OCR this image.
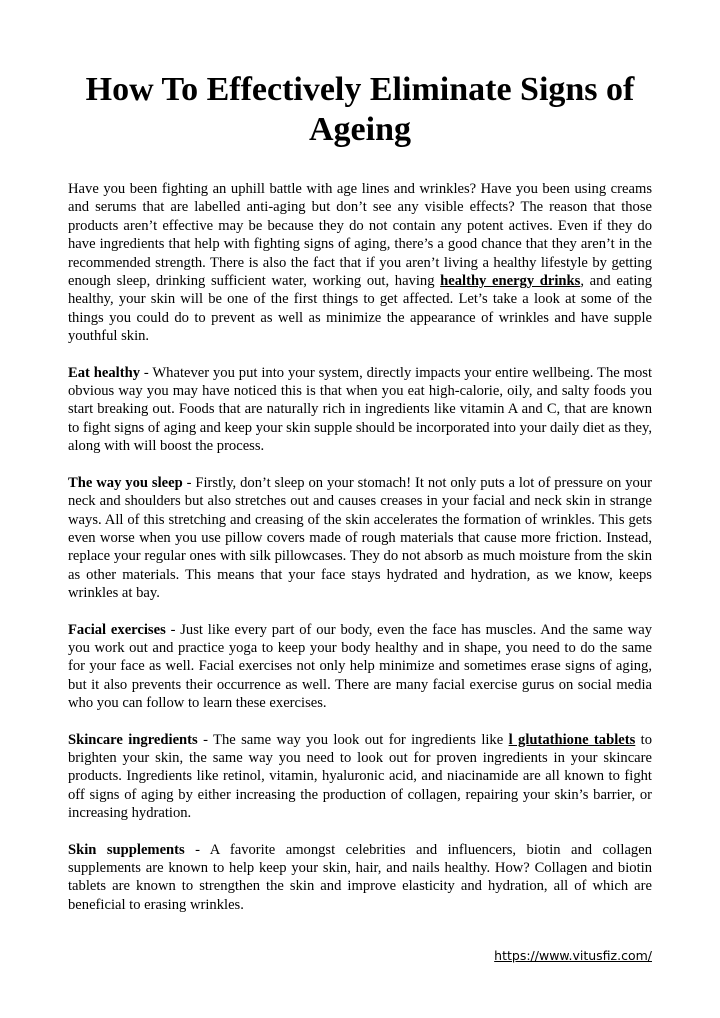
How To Effectively Eliminate Signs of Ageing

Have you been fighting an uphill battle with age lines and wrinkles? Have you been using creams and serums that are labelled anti-aging but don’t see any visible effects? The reason that those products aren’t effective may be because they do not contain any potent actives. Even if they do have ingredients that help with fighting signs of aging, there’s a good chance that they aren’t in the recommended strength. There is also the fact that if you aren’t living a healthy lifestyle by getting enough sleep, drinking sufficient water, working out, having healthy energy drinks, and eating healthy, your skin will be one of the first things to get affected. Let’s take a look at some of the things you could do to prevent as well as minimize the appearance of wrinkles and have supple youthful skin.

Eat healthy - Whatever you put into your system, directly impacts your entire wellbeing. The most obvious way you may have noticed this is that when you eat high-calorie, oily, and salty foods you start breaking out. Foods that are naturally rich in ingredients like vitamin A and C, that are known to fight signs of aging and keep your skin supple should be incorporated into your daily diet as they, along with will boost the process.

The way you sleep - Firstly, don’t sleep on your stomach! It not only puts a lot of pressure on your neck and shoulders but also stretches out and causes creases in your facial and neck skin in strange ways. All of this stretching and creasing of the skin accelerates the formation of wrinkles. This gets even worse when you use pillow covers made of rough materials that cause more friction. Instead, replace your regular ones with silk pillowcases. They do not absorb as much moisture from the skin as other materials. This means that your face stays hydrated and hydration, as we know, keeps wrinkles at bay.

Facial exercises - Just like every part of our body, even the face has muscles. And the same way you work out and practice yoga to keep your body healthy and in shape, you need to do the same for your face as well. Facial exercises not only help minimize and sometimes erase signs of aging, but it also prevents their occurrence as well. There are many facial exercise gurus on social media who you can follow to learn these exercises.

Skincare ingredients - The same way you look out for ingredients like l glutathione tablets to brighten your skin, the same way you need to look out for proven ingredients in your skincare products. Ingredients like retinol, vitamin, hyaluronic acid, and niacinamide are all known to fight off signs of aging by either increasing the production of collagen, repairing your skin’s barrier, or increasing hydration.

Skin supplements - A favorite amongst celebrities and influencers, biotin and collagen supplements are known to help keep your skin, hair, and nails healthy. How? Collagen and biotin tablets are known to strengthen the skin and improve elasticity and hydration, all of which are beneficial to erasing wrinkles.

https://www.vitusfiz.com/
